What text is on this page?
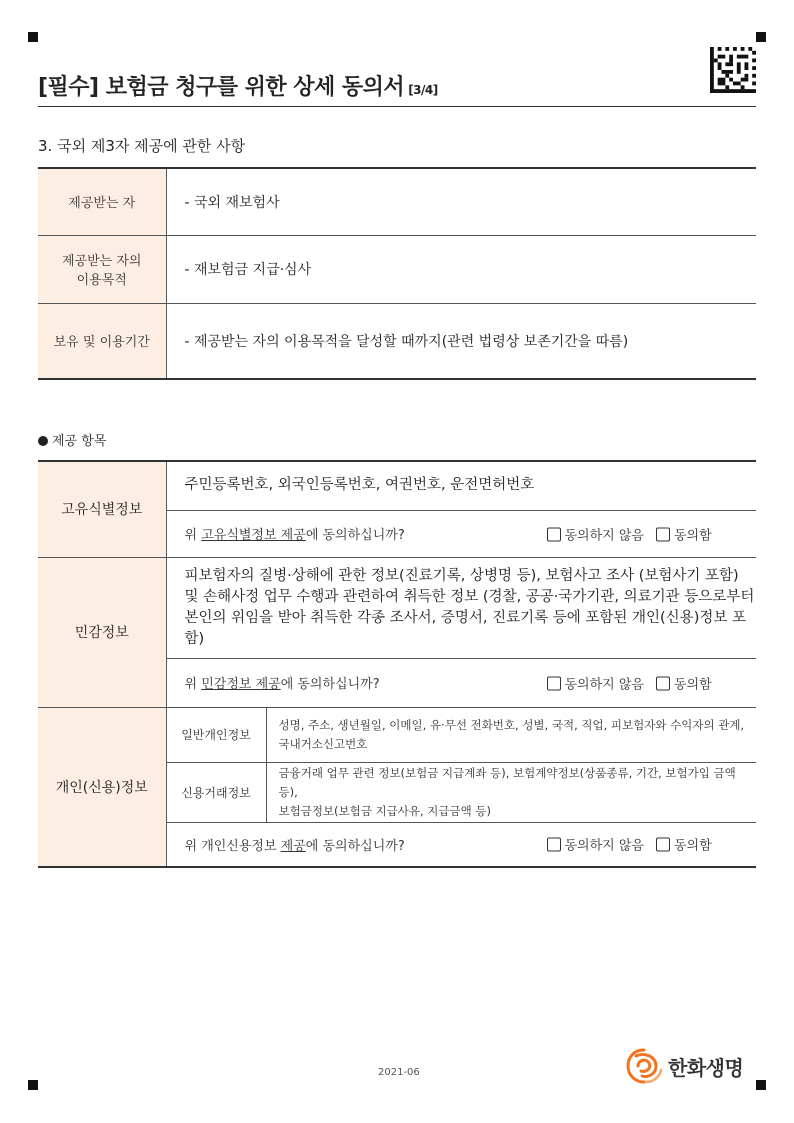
[필수] 보험금 청구를 위한 상세 동의서 [3/4]
3. 국외 제3자 제공에 관한 사항
제공받는 자	- 국외 재보험사

제공받는 자의
이용목적	- 재보험금 지급·심사
보유 및 이용기간	- 제공받는 자의 이용목적을 달성할 때까지(관련 법령상 보존기간을 따름)
제공 항목
고유식별정보	주민등록번호, 외국인등록번호, 여권번호, 운전면허번호	
	위 고유식별정보 제공에 동의하십니까? 동의하지 않음 동의함	

민감정보	피보험자의 질병·상해에 관한 정보(진료기록, 상병명 등), 보험사고 조사 (보험사기 포함)
및 손해사정 업무 수행과 관련하여 취득한 정보 (경찰, 공공·국가기관, 의료기관 등으로부터
본인의 위임을 받아 취득한 각종 조사서, 증명서, 진료기록 등에 포함된 개인(신용)정보 포함)	

	위 민감정보 제공에 동의하십니까? 동의하지 않음 동의함	

개인(신용)정보	일반개인정보	성명, 주소, 생년월일, 이메일, 유·무선 전화번호, 성별, 국적, 직업, 피보험자와 수익자의 관계,
국내거소신고번호

	신용거래정보	금융거래 업무 관련 정보(보험금 지급계좌 등), 보험계약정보(상품종류, 기간, 보험가입 금액 등),
보험금정보(보험금 지급사유, 지급금액 등)

	위 개인신용정보 제공에 동의하십니까? 동의하지 않음 동의함	
2021-06	한화생명
